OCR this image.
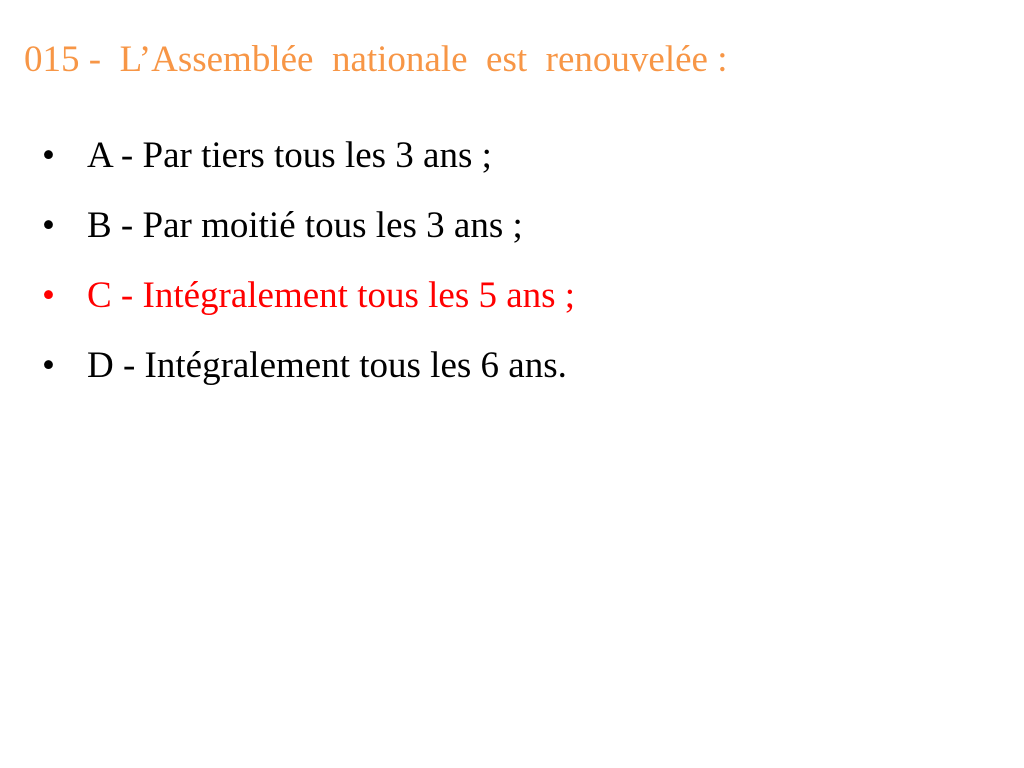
015 -  L’Assemblée  nationale  est  renouvelée :
• A - Par tiers tous les 3 ans ;
• B - Par moitié tous les 3 ans ;
• C - Intégralement tous les 5 ans ;
• D - Intégralement tous les 6 ans.
